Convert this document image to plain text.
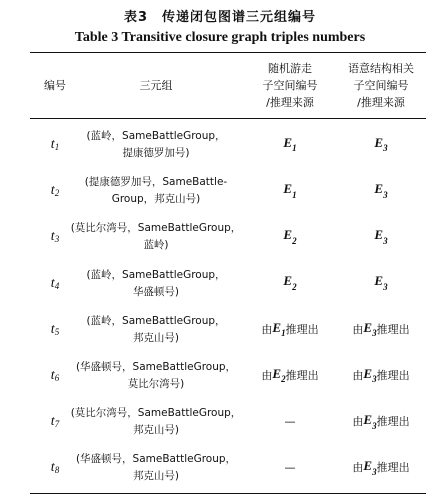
表3　传递闭包图谱三元组编号
Table 3 Transitive closure graph triples numbers
编号	三元组
随机游走
子空间编号
/推理来源
语意结构相关
子空间编号
/推理来源
$t_1$
(蓝岭，SameBattleGroup，
提康德罗加号)
$E_1$	$E_3$
$t_2$
(提康德罗加号，SameBattle-
Group，邦克山号)
$E_1$	$E_3$
$t_3$
(莫比尔湾号，SameBattleGroup，
蓝岭)
$E_2$	$E_3$
$t_4$
(蓝岭，SameBattleGroup，
华盛顿号)
$E_2$	$E_3$
$t_5$
(蓝岭，SameBattleGroup，
邦克山号)
由 $E_1$ 推理出	由 $E_3$ 推理出
$t_6$
(华盛顿号，SameBattleGroup，
莫比尔湾号)
由 $E_2$ 推理出	由 $E_3$ 推理出
$t_7$
(莫比尔湾号，SameBattleGroup，
邦克山号)
—	由 $E_3$ 推理出
$t_8$
(华盛顿号，SameBattleGroup，
邦克山号)
—	由 $E_3$ 推理出
